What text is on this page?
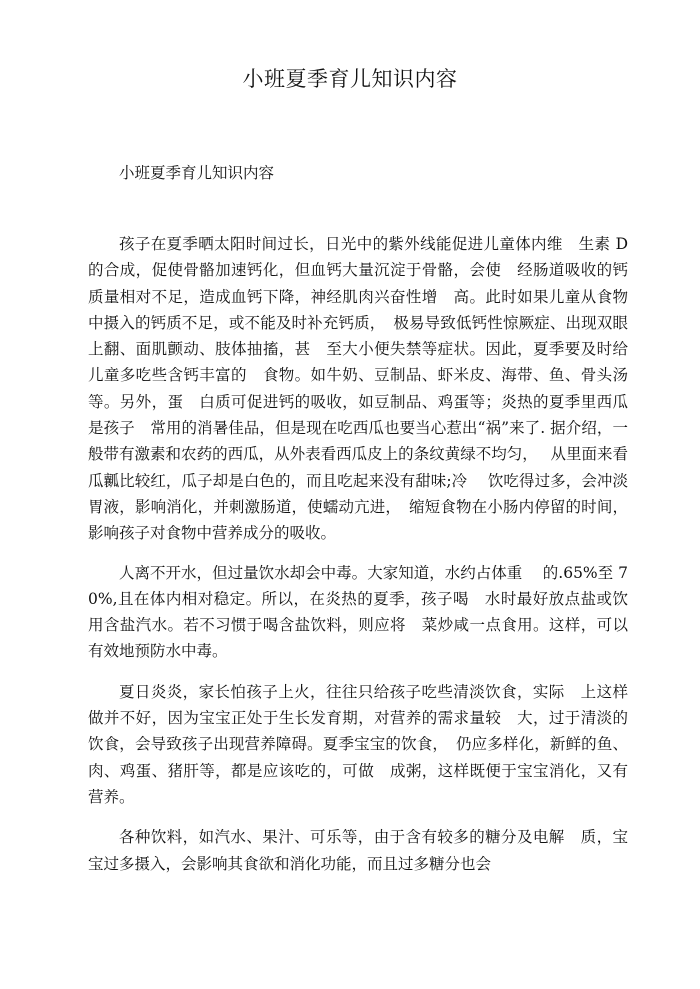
小班夏季育儿知识内容
小班夏季育儿知识内容

孩子在夏季晒太阳时间过长，日光中的紫外线能促进儿童体内维　生素 D 的合成，促使骨骼加速钙化，但血钙大量沉淀于骨骼，会使　经肠道吸收的钙质量相对不足，造成血钙下降，神经肌肉兴奋性增　高。此时如果儿童从食物中摄入的钙质不足，或不能及时补充钙质，　极易导致低钙性惊厥症、出现双眼上翻、面肌颤动、肢体抽搐，甚　至大小便失禁等症状。因此，夏季要及时给儿童多吃些含钙丰富的　食物。如牛奶、豆制品、虾米皮、海带、鱼、骨头汤等。另外，蛋　白质可促进钙的吸收，如豆制品、鸡蛋等；炎热的夏季里西瓜是孩子　常用的消暑佳品，但是现在吃西瓜也要当心惹出“祸”来了. 据介绍，一般带有激素和农药的西瓜，从外表看西瓜皮上的条纹黄绿不均匀，　 从里面来看瓜瓤比较红，瓜子却是白色的，而且吃起来没有甜味;冷　 饮吃得过多，会冲淡胃液，影响消化，并刺激肠道，使蠕动亢进，　缩短食物在小肠内停留的时间，影响孩子对食物中营养成分的吸收。

人离不开水，但过量饮水却会中毒。大家知道，水约占体重　 的.65%至 70%,且在体内相对稳定。所以，在炎热的夏季，孩子喝　水时最好放点盐或饮用含盐汽水。若不习惯于喝含盐饮料，则应将　菜炒咸一点食用。这样，可以有效地预防水中毒。

夏日炎炎，家长怕孩子上火，往往只给孩子吃些清淡饮食，实际　上这样做并不好，因为宝宝正处于生长发育期，对营养的需求量较　大，过于清淡的饮食，会导致孩子出现营养障碍。夏季宝宝的饮食，　仍应多样化，新鲜的鱼、肉、鸡蛋、猪肝等，都是应该吃的，可做　成粥，这样既便于宝宝消化，又有营养。

各种饮料，如汽水、果汁、可乐等，由于含有较多的糖分及电解　质，宝宝过多摄入，会影响其食欲和消化功能，而且过多糖分也会
